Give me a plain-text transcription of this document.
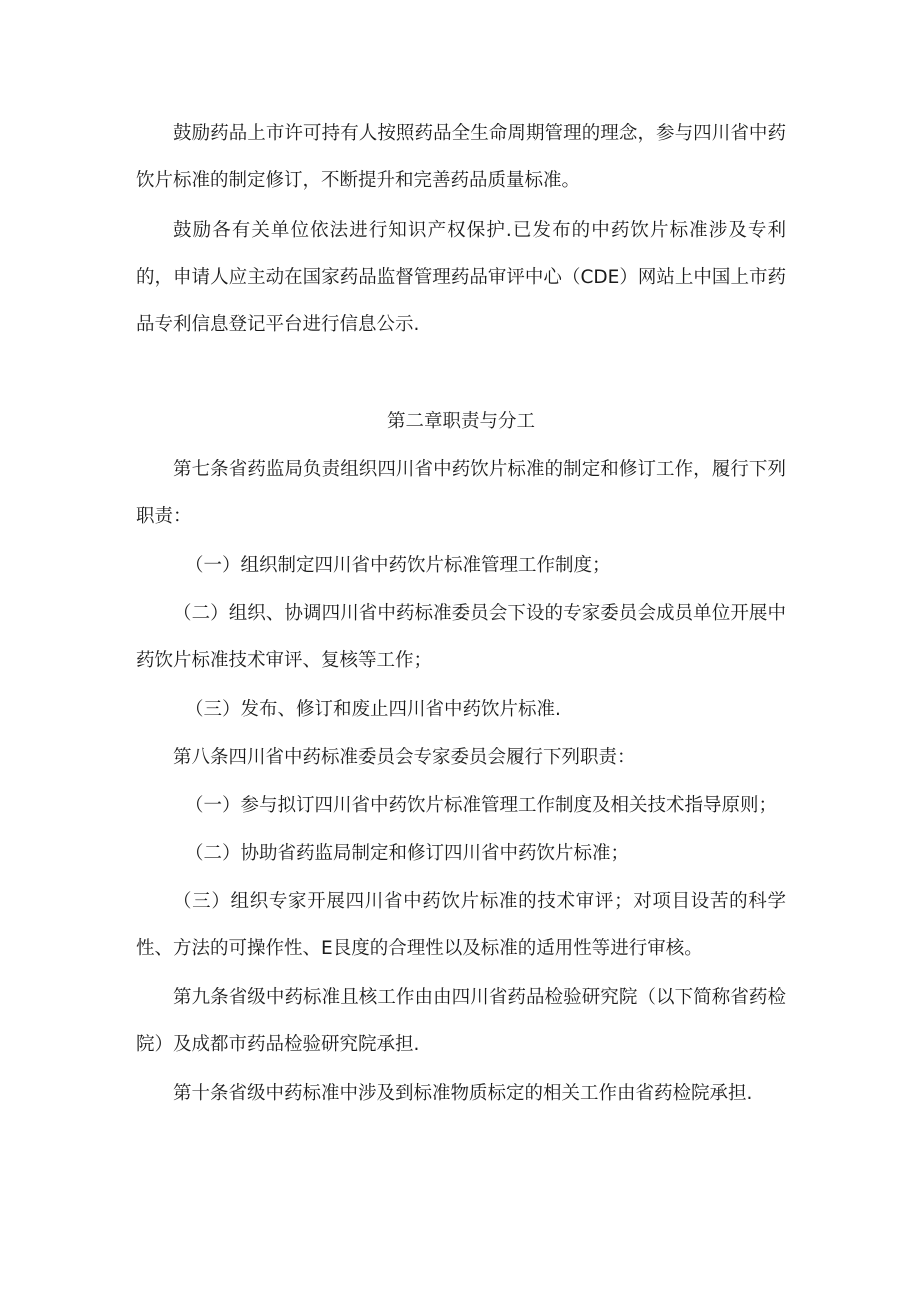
鼓励药品上市许可持有人按照药品全生命周期管理的理念，参与四川省中药饮片标准的制定修订，不断提升和完善药品质量标准。

鼓励各有关单位依法进行知识产权保护.已发布的中药饮片标准涉及专利的，申请人应主动在国家药品监督管理药品审评中心（CDE）网站上中国上市药品专利信息登记平台进行信息公示.

第二章职责与分工

第七条省药监局负责组织四川省中药饮片标准的制定和修订工作，履行下列职责：

（一）组织制定四川省中药饮片标准管理工作制度；

（二）组织、协调四川省中药标准委员会下设的专家委员会成员单位开展中药饮片标准技术审评、复核等工作；

（三）发布、修订和废止四川省中药饮片标准.

第八条四川省中药标准委员会专家委员会履行下列职责：

（一）参与拟订四川省中药饮片标准管理工作制度及相关技术指导原则；

（二）协助省药监局制定和修订四川省中药饮片标准；

（三）组织专家开展四川省中药饮片标准的技术审评；对项目设苦的科学性、方法的可操作性、E艮度的合理性以及标准的适用性等进行审核。

第九条省级中药标准且核工作由由四川省药品检验研究院（以下简称省药检院）及成都市药品检验研究院承担.

第十条省级中药标准中涉及到标准物质标定的相关工作由省药检院承担.
